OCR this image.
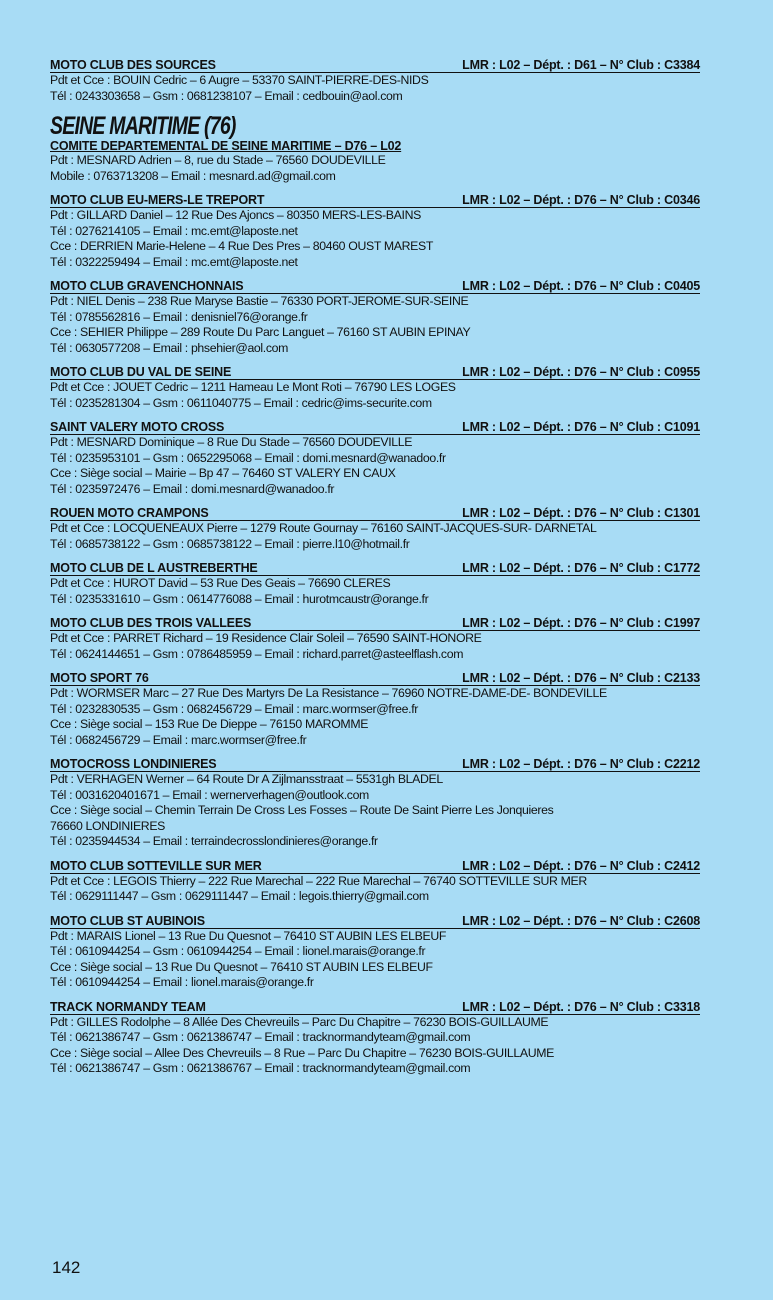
MOTO CLUB DES SOURCES	LMR : L02 – Dépt. : D61 – N° Club : C3384
Pdt et Cce : BOUIN Cedric – 6 Augre – 53370 SAINT-PIERRE-DES-NIDS
Tél : 0243303658 – Gsm : 0681238107 – Email : cedbouin@aol.com
SEINE MARITIME (76)
COMITE DEPARTEMENTAL DE SEINE MARITIME – D76 – L02
Pdt : MESNARD Adrien – 8, rue du Stade – 76560 DOUDEVILLE
Mobile : 0763713208 – Email : mesnard.ad@gmail.com
MOTO CLUB EU-MERS-LE TREPORT	LMR : L02 – Dépt. : D76 – N° Club : C0346
Pdt : GILLARD Daniel – 12 Rue Des Ajoncs – 80350 MERS-LES-BAINS
Tél : 0276214105 – Email : mc.emt@laposte.net
Cce : DERRIEN Marie-Helene – 4 Rue Des Pres – 80460 OUST MAREST
Tél : 0322259494 – Email : mc.emt@laposte.net
MOTO CLUB GRAVENCHONNAIS	LMR : L02 – Dépt. : D76 – N° Club : C0405
Pdt : NIEL Denis – 238 Rue Maryse Bastie – 76330 PORT-JEROME-SUR-SEINE
Tél : 0785562816 – Email : denisniel76@orange.fr
Cce : SEHIER Philippe – 289 Route Du Parc Languet – 76160 ST AUBIN EPINAY
Tél : 0630577208 – Email : phsehier@aol.com
MOTO CLUB DU VAL DE SEINE	LMR : L02 – Dépt. : D76 – N° Club : C0955
Pdt et Cce : JOUET Cedric – 1211 Hameau Le Mont Roti – 76790 LES LOGES
Tél : 0235281304 – Gsm : 0611040775 – Email : cedric@ims-securite.com
SAINT VALERY MOTO CROSS	LMR : L02 – Dépt. : D76 – N° Club : C1091
Pdt : MESNARD Dominique – 8 Rue Du Stade – 76560 DOUDEVILLE
Tél : 0235953101 – Gsm : 0652295068 – Email : domi.mesnard@wanadoo.fr
Cce : Siège social – Mairie – Bp 47 – 76460 ST VALERY EN CAUX
Tél : 0235972476 – Email : domi.mesnard@wanadoo.fr
ROUEN MOTO CRAMPONS	LMR : L02 – Dépt. : D76 – N° Club : C1301
Pdt et Cce : LOCQUENEAUX Pierre – 1279 Route Gournay – 76160 SAINT-JACQUES-SUR- DARNETAL
Tél : 0685738122 – Gsm : 0685738122 – Email : pierre.l10@hotmail.fr
MOTO CLUB DE L AUSTREBERTHE	LMR : L02 – Dépt. : D76 – N° Club : C1772
Pdt et Cce : HUROT David – 53 Rue Des Geais – 76690 CLERES
Tél : 0235331610 – Gsm : 0614776088 – Email : hurotmcaustr@orange.fr
MOTO CLUB DES TROIS VALLEES	LMR : L02 – Dépt. : D76 – N° Club : C1997
Pdt et Cce : PARRET Richard – 19 Residence Clair Soleil – 76590 SAINT-HONORE
Tél : 0624144651 – Gsm : 0786485959 – Email : richard.parret@asteelflash.com
MOTO SPORT 76	LMR : L02 – Dépt. : D76 – N° Club : C2133
Pdt : WORMSER Marc – 27 Rue Des Martyrs De La Resistance – 76960 NOTRE-DAME-DE- BONDEVILLE
Tél : 0232830535 – Gsm : 0682456729 – Email : marc.wormser@free.fr
Cce : Siège social – 153 Rue De Dieppe – 76150 MAROMME
Tél : 0682456729 – Email : marc.wormser@free.fr
MOTOCROSS LONDINIERES	LMR : L02 – Dépt. : D76 – N° Club : C2212
Pdt : VERHAGEN Werner – 64 Route Dr A Zijlmansstraat – 5531gh BLADEL
Tél : 0031620401671 – Email : wernerverhagen@outlook.com
Cce : Siège social – Chemin Terrain De Cross Les Fosses – Route De Saint Pierre Les Jonquieres
76660 LONDINIERES
Tél : 0235944534 – Email : terraindecrosslondinieres@orange.fr
MOTO CLUB SOTTEVILLE SUR MER	LMR : L02 – Dépt. : D76 – N° Club : C2412
Pdt et Cce : LEGOIS Thierry – 222 Rue Marechal – 222 Rue Marechal – 76740 SOTTEVILLE SUR MER
Tél : 0629111447 – Gsm : 0629111447 – Email : legois.thierry@gmail.com
MOTO CLUB ST AUBINOIS	LMR : L02 – Dépt. : D76 – N° Club : C2608
Pdt : MARAIS Lionel – 13 Rue Du Quesnot – 76410 ST AUBIN LES ELBEUF
Tél : 0610944254 – Gsm : 0610944254 – Email : lionel.marais@orange.fr
Cce : Siège social – 13 Rue Du Quesnot – 76410 ST AUBIN LES ELBEUF
Tél : 0610944254 – Email : lionel.marais@orange.fr
TRACK NORMANDY TEAM	LMR : L02 – Dépt. : D76 – N° Club : C3318
Pdt : GILLES Rodolphe – 8 Allée Des Chevreuils – Parc Du Chapitre – 76230 BOIS-GUILLAUME
Tél : 0621386747 – Gsm : 0621386747 – Email : tracknormandyteam@gmail.com
Cce : Siège social – Allee Des Chevreuils – 8 Rue – Parc Du Chapitre – 76230 BOIS-GUILLAUME
Tél : 0621386747 – Gsm : 0621386767 – Email : tracknormandyteam@gmail.com
142
